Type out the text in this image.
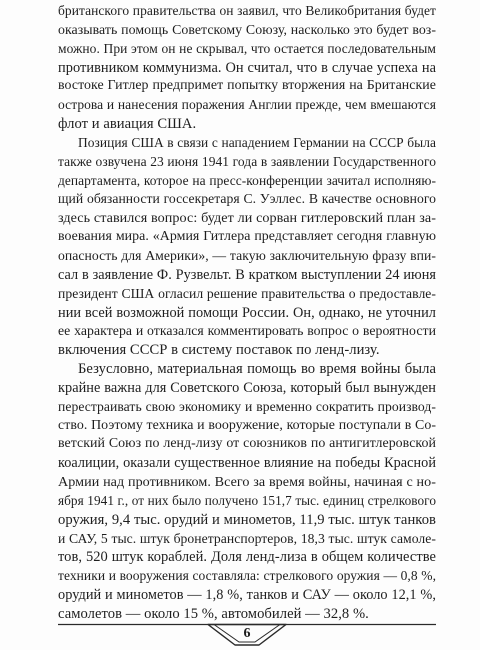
британского правительства он заявил, что Великобритания будет
оказывать помощь Советскому Союзу, насколько это будет воз-
можно. При этом он не скрывал, что остается последовательным
противником коммунизма. Он считал, что в случае успеха на
востоке Гитлер предпримет попытку вторжения на Британские
острова и нанесения поражения Англии прежде, чем вмешаются
флот и авиация США.
Позиция США в связи с нападением Германии на СССР была
также озвучена 23 июня 1941 года в заявлении Государственного
департамента, которое на пресс-конференции зачитал исполняю-
щий обязанности госсекретаря С. Уэллес. В качестве основного
здесь ставился вопрос: будет ли сорван гитлеровский план за-
воевания мира. «Армия Гитлера представляет сегодня главную
опасность для Америки», — такую заключительную фразу впи-
сал в заявление Ф. Рузвельт. В кратком выступлении 24 июня
президент США огласил решение правительства о предоставле-
нии всей возможной помощи России. Он, однако, не уточнил
ее характера и отказался комментировать вопрос о вероятности
включения СССР в систему поставок по ленд-лизу.
Безусловно, материальная помощь во время войны была
крайне важна для Советского Союза, который был вынужден
перестраивать свою экономику и временно сократить производ-
ство. Поэтому техника и вооружение, которые поступали в Со-
ветский Союз по ленд-лизу от союзников по антигитлеровской
коалиции, оказали существенное влияние на победы Красной
Армии над противником. Всего за время войны, начиная с но-
ября 1941 г., от них было получено 151,7 тыс. единиц стрелкового
оружия, 9,4 тыс. орудий и минометов, 11,9 тыс. штук танков
и САУ, 5 тыс. штук бронетранспортеров, 18,3 тыс. штук самоле-
тов, 520 штук кораблей. Доля ленд-лиза в общем количестве
техники и вооружения составляла: стрелкового оружия — 0,8 %,
орудий и минометов — 1,8 %, танков и САУ — около 12,1 %,
самолетов — около 15 %, автомобилей — 32,8 %.
6
